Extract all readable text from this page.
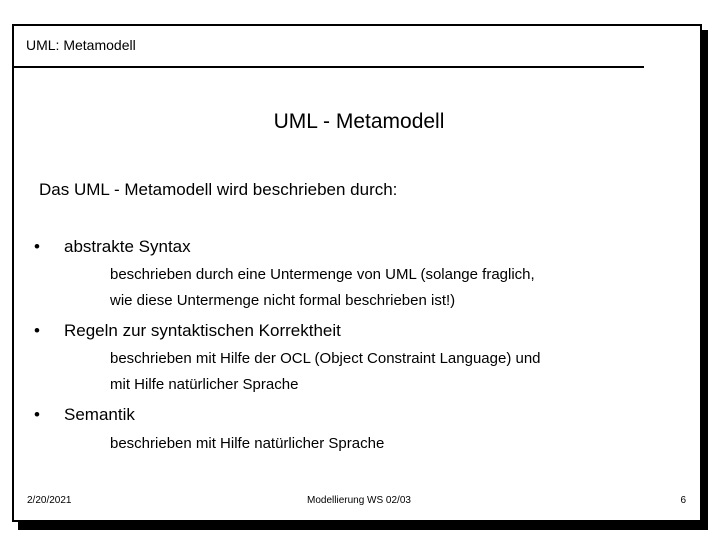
UML: Metamodell
UML - Metamodell
Das UML - Metamodell wird beschrieben durch:
•	abstrakte Syntax
beschrieben durch eine Untermenge von UML (solange fraglich,
wie diese Untermenge nicht formal beschrieben ist!)
•	Regeln zur syntaktischen Korrektheit
beschrieben mit Hilfe der OCL (Object Constraint Language) und
mit Hilfe natürlicher Sprache
•	Semantik
beschrieben mit Hilfe natürlicher Sprache
2/20/2021	Modellierung WS 02/03	6
